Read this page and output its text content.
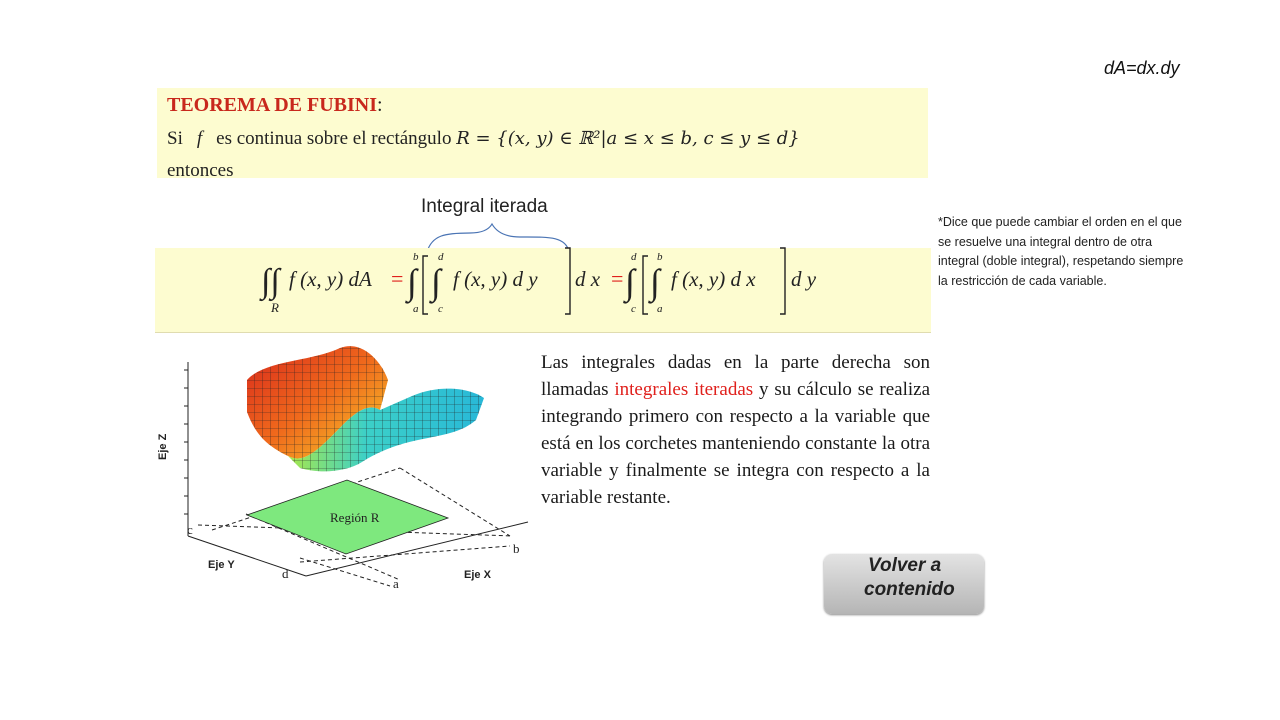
dA=dx.dy
TEOREMA DE FUBINI:
Si f es continua sobre el rectángulo R = {(x, y) ∈ ℝ²|a ≤ x ≤ b, c ≤ y ≤ d}
entonces
Integral iterada
*Dice que puede cambiar el orden en el que se resuelve una integral dentro de otra integral (doble integral), respetando siempre la restricción de cada variable.
∫∫
R
f (x, y) dA = ∫
b
a
∫
d
c
f (x, y) d y d x = ∫
d
c
∫
b
a
f (x, y) d x d y
Región R
Eje Z
Eje Y
Eje X
c
d
a
b
Las integrales dadas en la parte derecha son llamadas integrales iteradas y su cálculo se realiza integrando primero con respecto a la variable que está en los corchetes manteniendo constante la otra variable y finalmente se integra con respecto a la variable restante.
Volver a
contenido
